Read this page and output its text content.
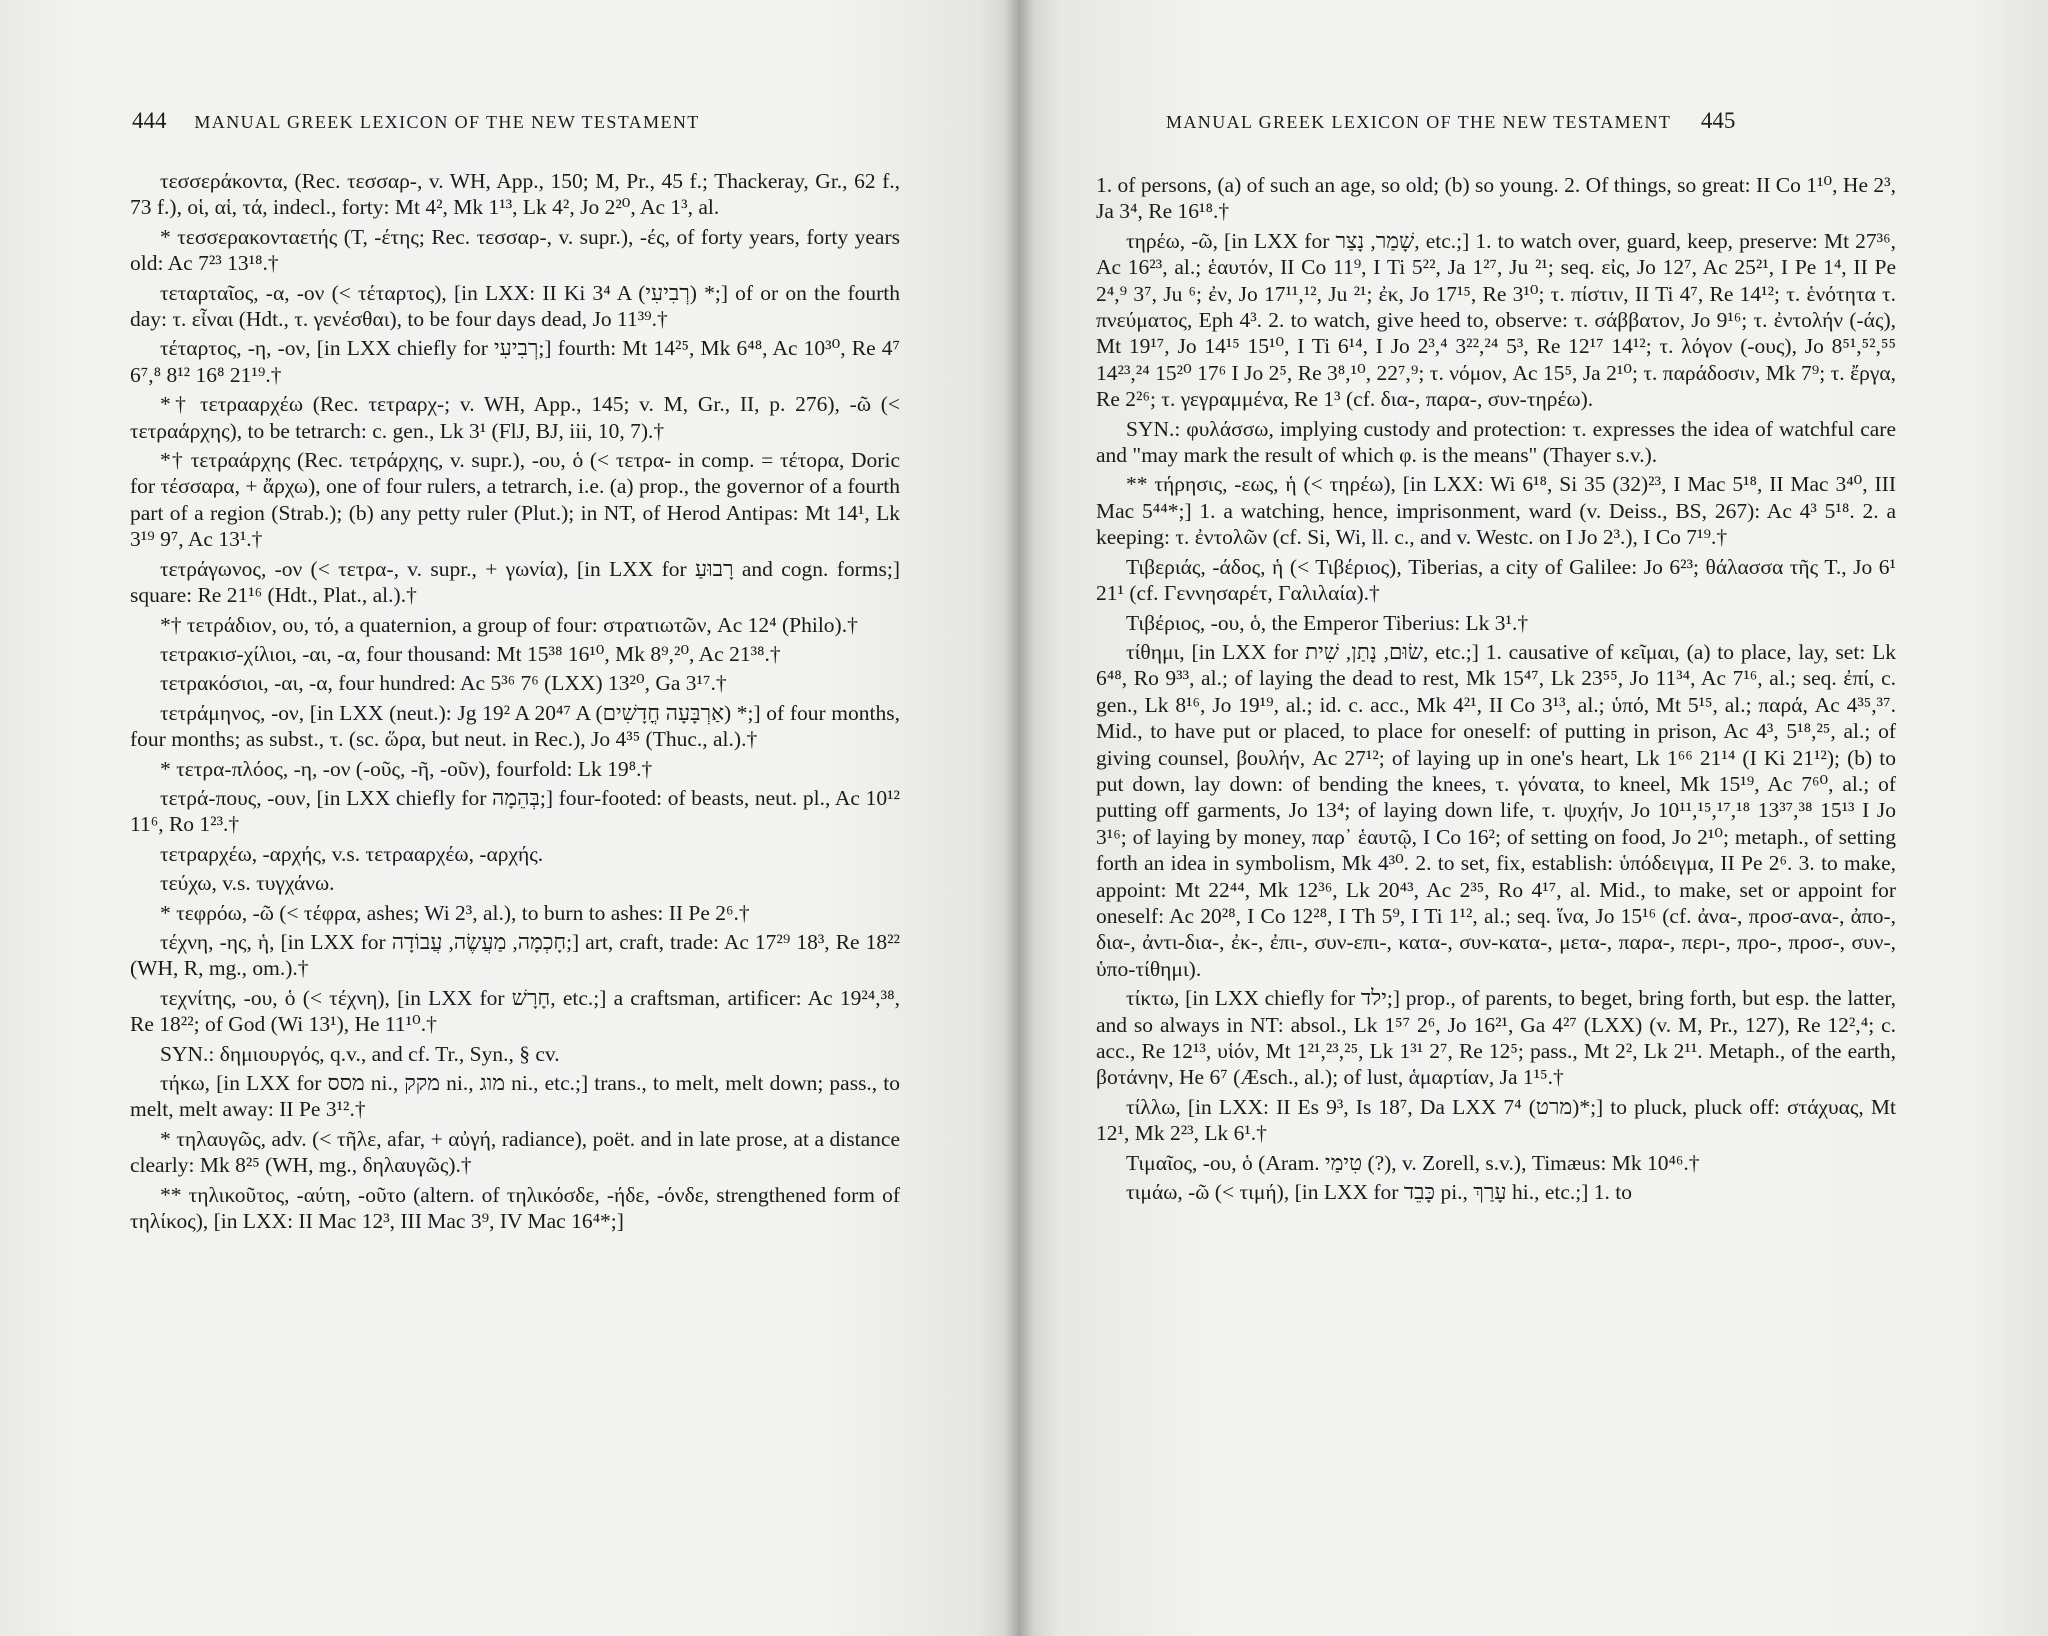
444 MANUAL GREEK LEXICON OF THE NEW TESTAMENT

τεσσεράκοντα, (Rec. τεσσαρ-, v. WH, App., 150; M, Pr., 45 f.; Thackeray, Gr., 62 f., 73 f.), οἱ, αἱ, τά, indecl., forty: Mt 4², Mk 1¹³, Lk 4², Jo 2²⁰, Ac 1³, al.

* τεσσερακονταετής (T, -έτης; Rec. τεσσαρ-, v. supr.), -ές, of forty years, forty years old: Ac 7²³ 13¹⁸.†

τεταρταῖος, -α, -ον (< τέταρτος), [in LXX: II Ki 3⁴ A (רְבִיעִי) *;] of or on the fourth day: τ. εἶναι (Hdt., τ. γενέσθαι), to be four days dead, Jo 11³⁹.†

τέταρτος, -η, -ον, [in LXX chiefly for רְבִיעִי;] fourth: Mt 14²⁵, Mk 6⁴⁸, Ac 10³⁰, Re 4⁷ 6⁷,⁸ 8¹² 16⁸ 21¹⁹.†

*† τετρααρχέω (Rec. τετραρχ-; v. WH, App., 145; v. M, Gr., II, p. 276), -ῶ (< τετραάρχης), to be tetrarch: c. gen., Lk 3¹ (FlJ, BJ, iii, 10, 7).†

*† τετραάρχης (Rec. τετράρχης, v. supr.), -ου, ὁ (< τετρα- in comp. = τέτορα, Doric for τέσσαρα, + ἄρχω), one of four rulers, a tetrarch, i.e. (a) prop., the governor of a fourth part of a region (Strab.); (b) any petty ruler (Plut.); in NT, of Herod Antipas: Mt 14¹, Lk 3¹⁹ 9⁷, Ac 13¹.†

τετράγωνος, -ον (< τετρα-, v. supr., + γωνία), [in LXX for רָבוּעַ and cogn. forms;] square: Re 21¹⁶ (Hdt., Plat., al.).†

*† τετράδιον, ου, τό, a quaternion, a group of four: στρατιωτῶν, Ac 12⁴ (Philo).†

τετρακισ-χίλιοι, -αι, -α, four thousand: Mt 15³⁸ 16¹⁰, Mk 8⁹,²⁰, Ac 21³⁸.†

τετρακόσιοι, -αι, -α, four hundred: Ac 5³⁶ 7⁶ (LXX) 13²⁰, Ga 3¹⁷.†

τετράμηνος, -ον, [in LXX (neut.): Jg 19² A 20⁴⁷ A (אַרְבָּעָה חֳדָשִׁים) *;] of four months, four months; as subst., τ. (sc. ὥρα, but neut. in Rec.), Jo 4³⁵ (Thuc., al.).†

* τετρα-πλόος, -η, -ον (-οῦς, -ῆ, -οῦν), fourfold: Lk 19⁸.†

τετρά-πους, -ουν, [in LXX chiefly for בְּהֵמָה;] four-footed: of beasts, neut. pl., Ac 10¹² 11⁶, Ro 1²³.†

τετραρχέω, -αρχής, v.s. τετρααρχέω, -αρχής.

τεύχω, v.s. τυγχάνω.

* τεφρόω, -ῶ (< τέφρα, ashes; Wi 2³, al.), to burn to ashes: II Pe 2⁶.†

τέχνη, -ης, ἡ, [in LXX for חָכְמָה, מַעֲשֶׂה, עֲבוֹדָה;] art, craft, trade: Ac 17²⁹ 18³, Re 18²² (WH, R, mg., om.).†

τεχνίτης, -ου, ὁ (< τέχνη), [in LXX for חָרָשׁ, etc.;] a craftsman, artificer: Ac 19²⁴,³⁸, Re 18²²; of God (Wi 13¹), He 11¹⁰.†

SYN.: δημιουργός, q.v., and cf. Tr., Syn., § cv.

τήκω, [in LXX for מסס ni., מקק ni., מוג ni., etc.;] trans., to melt, melt down; pass., to melt, melt away: II Pe 3¹².†

* τηλαυγῶς, adv. (< τῆλε, afar, + αὐγή, radiance), poët. and in late prose, at a distance clearly: Mk 8²⁵ (WH, mg., δηλαυγῶς).†

** τηλικοῦτος, -αύτη, -οῦτο (altern. of τηλικόσδε, -ήδε, -όνδε, strengthened form of τηλίκος), [in LXX: II Mac 12³, III Mac 3⁹, IV Mac 16⁴*;]

MANUAL GREEK LEXICON OF THE NEW TESTAMENT 445

1. of persons, (a) of such an age, so old; (b) so young. 2. Of things, so great: II Co 1¹⁰, He 2³, Ja 3⁴, Re 16¹⁸.†

τηρέω, -ῶ, [in LXX for שָׁמַר, נָצַר, etc.;] 1. to watch over, guard, keep, preserve: Mt 27³⁶, Ac 16²³, al.; ἑαυτόν, II Co 11⁹, I Ti 5²², Ja 1²⁷, Ju ²¹; seq. εἰς, Jo 12⁷, Ac 25²¹, I Pe 1⁴, II Pe 2⁴,⁹ 3⁷, Ju ⁶; ἐν, Jo 17¹¹,¹², Ju ²¹; ἐκ, Jo 17¹⁵, Re 3¹⁰; τ. πίστιν, II Ti 4⁷, Re 14¹²; τ. ἑνότητα τ. πνεύματος, Eph 4³. 2. to watch, give heed to, observe: τ. σάββατον, Jo 9¹⁶; τ. ἐντολήν (-άς), Mt 19¹⁷, Jo 14¹⁵ 15¹⁰, I Ti 6¹⁴, I Jo 2³,⁴ 3²²,²⁴ 5³, Re 12¹⁷ 14¹²; τ. λόγον (-ους), Jo 8⁵¹,⁵²,⁵⁵ 14²³,²⁴ 15²⁰ 17⁶ I Jo 2⁵, Re 3⁸,¹⁰, 22⁷,⁹; τ. νόμον, Ac 15⁵, Ja 2¹⁰; τ. παράδοσιν, Mk 7⁹; τ. ἔργα, Re 2²⁶; τ. γεγραμμένα, Re 1³ (cf. δια-, παρα-, συν-τηρέω).

SYN.: φυλάσσω, implying custody and protection: τ. expresses the idea of watchful care and "may mark the result of which φ. is the means" (Thayer s.v.).

** τήρησις, -εως, ἡ (< τηρέω), [in LXX: Wi 6¹⁸, Si 35 (32)²³, I Mac 5¹⁸, II Mac 3⁴⁰, III Mac 5⁴⁴*;] 1. a watching, hence, imprisonment, ward (v. Deiss., BS, 267): Ac 4³ 5¹⁸. 2. a keeping: τ. ἐντολῶν (cf. Si, Wi, ll. c., and v. Westc. on I Jo 2³.), I Co 7¹⁹.†

Τιβεριάς, -άδος, ἡ (< Τιβέριος), Tiberias, a city of Galilee: Jo 6²³; θάλασσα τῆς Τ., Jo 6¹ 21¹ (cf. Γεννησαρέτ, Γαλιλαία).†

Τιβέριος, -ου, ὁ, the Emperor Tiberius: Lk 3¹.†

τίθημι, [in LXX for שׂוּם, נָתַן, שִׁית, etc.;] 1. causative of κεῖμαι, (a) to place, lay, set: Lk 6⁴⁸, Ro 9³³, al.; of laying the dead to rest, Mk 15⁴⁷, Lk 23⁵⁵, Jo 11³⁴, Ac 7¹⁶, al.; seq. ἐπί, c. gen., Lk 8¹⁶, Jo 19¹⁹, al.; id. c. acc., Mk 4²¹, II Co 3¹³, al.; ὑπό, Mt 5¹⁵, al.; παρά, Ac 4³⁵,³⁷. Mid., to have put or placed, to place for oneself: of putting in prison, Ac 4³, 5¹⁸,²⁵, al.; of giving counsel, βουλήν, Ac 27¹²; of laying up in one's heart, Lk 1⁶⁶ 21¹⁴ (I Ki 21¹²); (b) to put down, lay down: of bending the knees, τ. γόνατα, to kneel, Mk 15¹⁹, Ac 7⁶⁰, al.; of putting off garments, Jo 13⁴; of laying down life, τ. ψυχήν, Jo 10¹¹,¹⁵,¹⁷,¹⁸ 13³⁷,³⁸ 15¹³ I Jo 3¹⁶; of laying by money, παρ᾽ ἑαυτῷ, I Co 16²; of setting on food, Jo 2¹⁰; metaph., of setting forth an idea in symbolism, Mk 4³⁰. 2. to set, fix, establish: ὑπόδειγμα, II Pe 2⁶. 3. to make, appoint: Mt 22⁴⁴, Mk 12³⁶, Lk 20⁴³, Ac 2³⁵, Ro 4¹⁷, al. Mid., to make, set or appoint for oneself: Ac 20²⁸, I Co 12²⁸, I Th 5⁹, I Ti 1¹², al.; seq. ἵνα, Jo 15¹⁶ (cf. ἀνα-, προσ-ανα-, ἀπο-, δια-, ἀντι-δια-, ἐκ-, ἐπι-, συν-επι-, κατα-, συν-κατα-, μετα-, παρα-, περι-, προ-, προσ-, συν-, ὑπο-τίθημι).

τίκτω, [in LXX chiefly for ילד;] prop., of parents, to beget, bring forth, but esp. the latter, and so always in NT: absol., Lk 1⁵⁷ 2⁶, Jo 16²¹, Ga 4²⁷ (LXX) (v. M, Pr., 127), Re 12²,⁴; c. acc., Re 12¹³, υἱόν, Mt 1²¹,²³,²⁵, Lk 1³¹ 2⁷, Re 12⁵; pass., Mt 2², Lk 2¹¹. Metaph., of the earth, βοτάνην, He 6⁷ (Æsch., al.); of lust, ἁμαρτίαν, Ja 1¹⁵.†

τίλλω, [in LXX: II Es 9³, Is 18⁷, Da LXX 7⁴ (מרט)*;] to pluck, pluck off: στάχυας, Mt 12¹, Mk 2²³, Lk 6¹.†

Τιμαῖος, -ου, ὁ (Aram. טִימַי (?), v. Zorell, s.v.), Timæus: Mk 10⁴⁶.†

τιμάω, -ῶ (< τιμή), [in LXX for כָּבֵד pi., עָרַךְ hi., etc.;] 1. to
